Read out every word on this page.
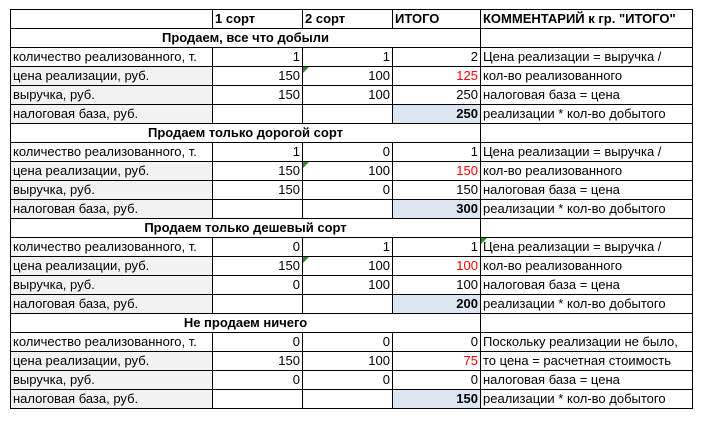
	1 сорт	2 сорт	ИТОГО	КОММЕНТАРИЙ к гр. "ИТОГО"
Продаем, все что добыли				
количество реализованного, т.	1	1	2	Цена реализации = выручка /
цена реализации, руб.	150	100	125	кол-во реализованного
выручка, руб.	150	100	250	налоговая база = цена
налоговая база, руб.			250	реализации * кол-во добытого
Продаем только дорогой сорт				
количество реализованного, т.	1	0	1	Цена реализации = выручка /
цена реализации, руб.	150	100	150	кол-во реализованного
выручка, руб.	150	0	150	налоговая база = цена
налоговая база, руб.			300	реализации * кол-во добытого
Продаем только дешевый сорт				
количество реализованного, т.	0	1	1	Цена реализации = выручка /
цена реализации, руб.	150	100	100	кол-во реализованного
выручка, руб.	0	100	100	налоговая база = цена
налоговая база, руб.			200	реализации * кол-во добытого
Не продаем ничего				
количество реализованного, т.	0	0	0	Поскольку реализации не было,
цена реализации, руб.	150	100	75	то цена = расчетная стоимость
выручка, руб.	0	0	0	налоговая база = цена
налоговая база, руб.			150	реализации * кол-во добытого
